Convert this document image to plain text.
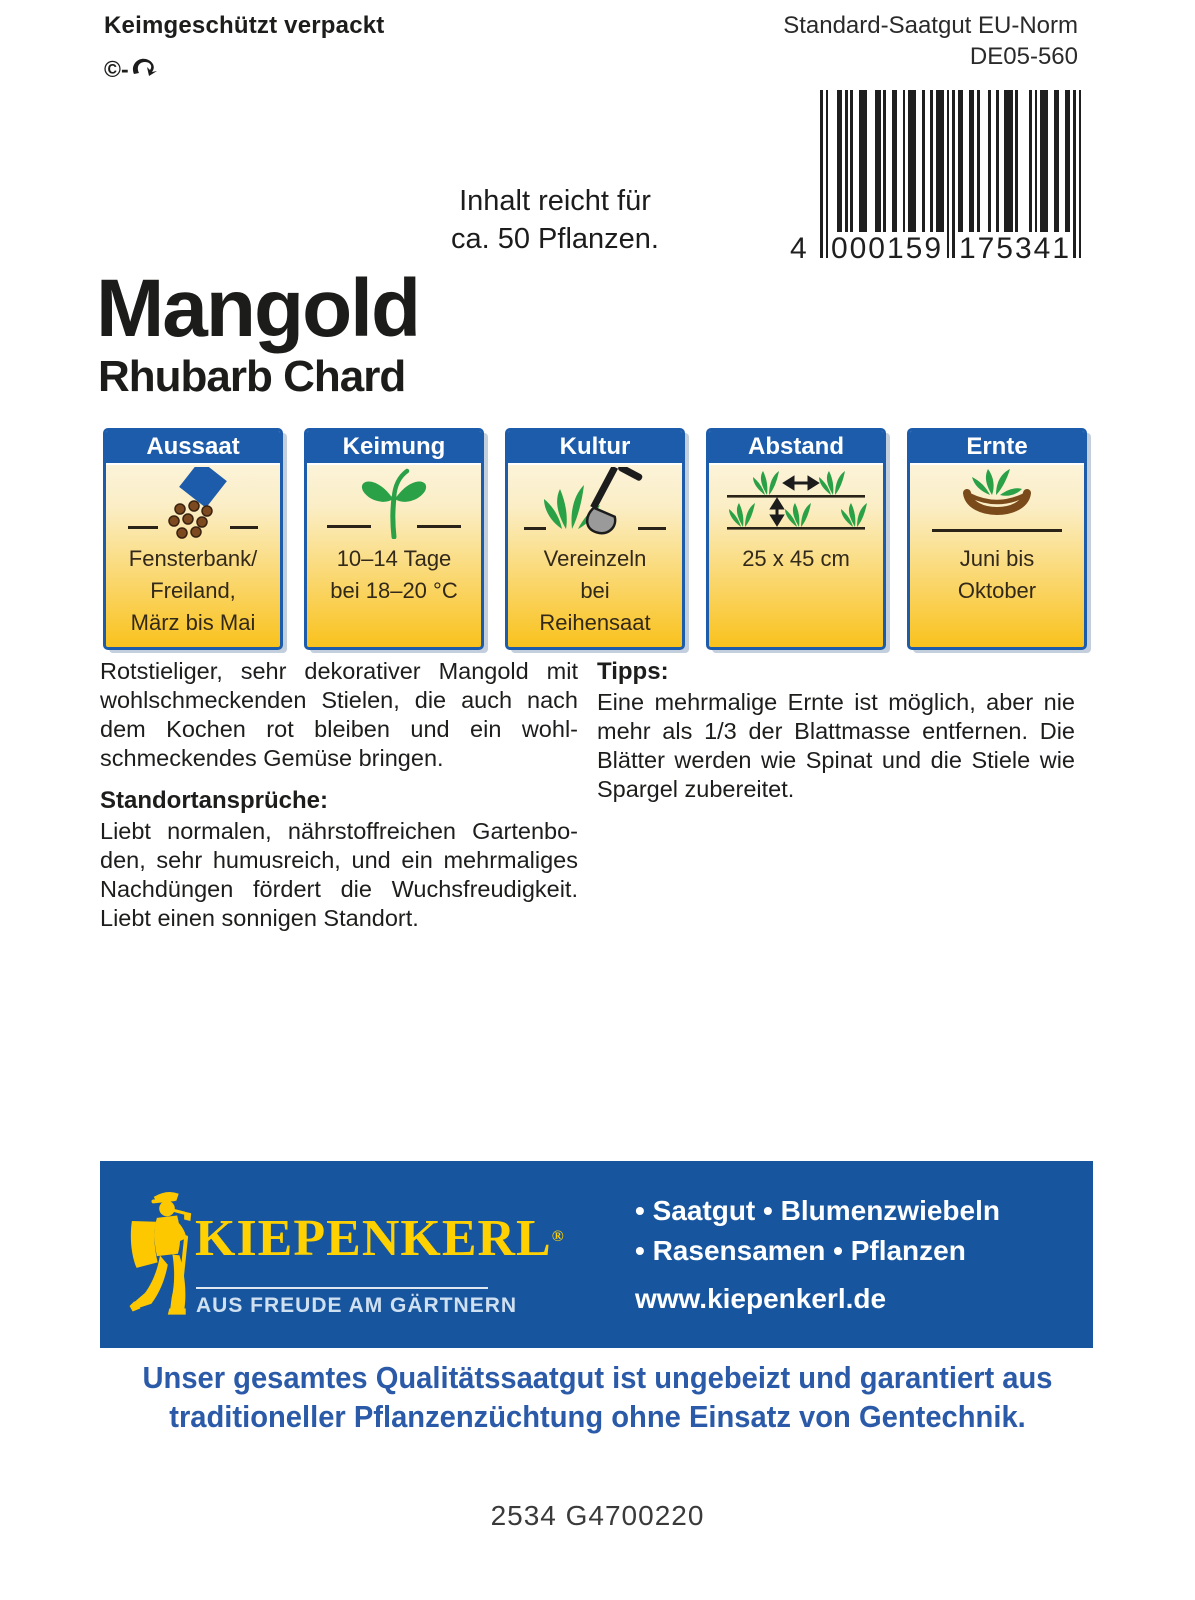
Keimgeschützt verpackt
©-
Standard-Saatgut EU-Norm
DE05-560
4 000159 175341
Inhalt reicht für
ca. 50 Pflanzen.
Mangold
Rhubarb Chard
Aussaat
Fensterbank/
Freiland,
März bis Mai
Keimung
10–14 Tage
bei 18–20 °C
Kultur
Vereinzeln
bei
Reihensaat
Abstand
25 x 45 cm
Ernte
Juni bis
Oktober

Rotstieliger, sehr dekorativer Mangold mit wohlschmeckenden Stielen, die auch nach dem Kochen rot bleiben und ein wohlschmeckendes Gemüse bringen.

Standortansprüche:

Liebt normalen, nährstoffreichen Gartenboden, sehr humusreich, und ein mehrmaliges Nachdüngen fördert die Wuchsfreudigkeit. Liebt einen sonnigen Standort.

Tipps:

Eine mehrmalige Ernte ist möglich, aber nie mehr als 1/3 der Blattmasse entfernen. Die Blätter werden wie Spinat und die Stiele wie Spargel zubereitet.

KIEPENKERL®
AUS FREUDE AM GÄRTNERN
• Saatgut • Blumenzwiebeln
• Rasensamen • Pflanzen
www.kiepenkerl.de
Unser gesamtes Qualitätssaatgut ist ungebeizt und garantiert aus
traditioneller Pflanzenzüchtung ohne Einsatz von Gentechnik.
2534 G4700220
